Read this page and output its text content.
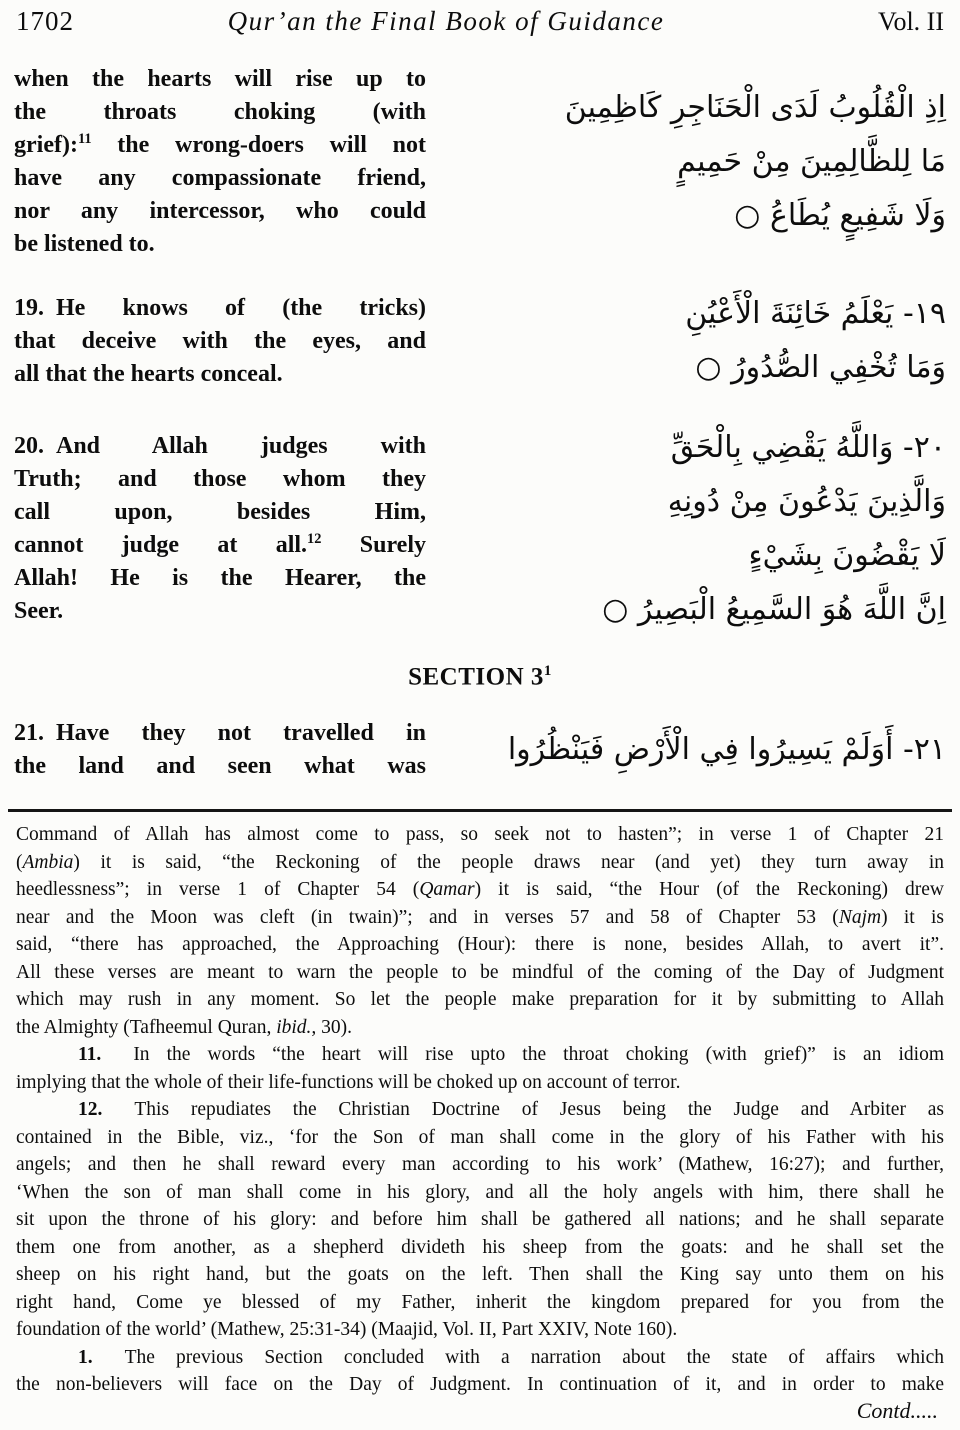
1702	Qur’an the Final Book of Guidance	Vol. II
when the hearts will rise up to
the throats choking (with
grief):$^{11}$ the wrong-doers will not
have any compassionate friend,
nor any intercessor, who could
be listened to.
اِذِ الْقُلُوبُ لَدَى الْحَنَاجِرِ كَاظِمِينَ
مَا لِلظَّالِمِينَ مِنْ حَمِيمٍ
وَلَا شَفِيعٍ يُطَاعُ ○
19. He knows of (the tricks)
that deceive with the eyes, and
all that the hearts conceal.
۱۹- يَعْلَمُ خَائِنَةَ الْأَعْيُنِ
وَمَا تُخْفِي الصُّدُورُ ○
20. And Allah judges with
Truth; and those whom they
call upon, besides Him,
cannot judge at all.$^{12}$ Surely
Allah! He is the Hearer, the
Seer.
۲۰- وَاللَّهُ يَقْضِي بِالْحَقِّ
وَالَّذِينَ يَدْعُونَ مِنْ دُونِهِ
لَا يَقْضُونَ بِشَيْءٍ
اِنَّ اللَّهَ هُوَ السَّمِيعُ الْبَصِيرُ ○
SECTION $3^1$
21. Have they not travelled in
the land and seen what was	۲۱- أَوَلَمْ يَسِيرُوا فِي الْأَرْضِ فَيَنْظُرُوا
Command of Allah has almost come to pass, so seek not to hasten”; in verse 1 of Chapter 21
(Ambia) it is said, “the Reckoning of the people draws near (and yet) they turn away in
heedlessness”; in verse 1 of Chapter 54 (Qamar) it is said, “the Hour (of the Reckoning) drew
near and the Moon was cleft (in twain)”; and in verses 57 and 58 of Chapter 53 (Najm) it is
said, “there has approached, the Approaching (Hour): there is none, besides Allah, to avert it”.
All these verses are meant to warn the people to be mindful of the coming of the Day of Judgment
which may rush in any moment. So let the people make preparation for it by submitting to Allah
the Almighty (Tafheemul Quran, ibid., 30).
11. In the words “the heart will rise upto the throat choking (with grief)” is an idiom
implying that the whole of their life-functions will be choked up on account of terror.
12. This repudiates the Christian Doctrine of Jesus being the Judge and Arbiter as
contained in the Bible, viz., ‘for the Son of man shall come in the glory of his Father with his
angels; and then he shall reward every man according to his work’ (Mathew, 16:27); and further,
‘When the son of man shall come in his glory, and all the holy angels with him, there shall he
sit upon the throne of his glory: and before him shall be gathered all nations; and he shall separate
them one from another, as a shepherd divideth his sheep from the goats: and he shall set the
sheep on his right hand, but the goats on the left. Then shall the King say unto them on his
right hand, Come ye blessed of my Father, inherit the kingdom prepared for you from the
foundation of the world’ (Mathew, 25:31-34) (Maajid, Vol. II, Part XXIV, Note 160).
1. The previous Section concluded with a narration about the state of affairs which
the non-believers will face on the Day of Judgment. In continuation of it, and in order to make
Contd.....
